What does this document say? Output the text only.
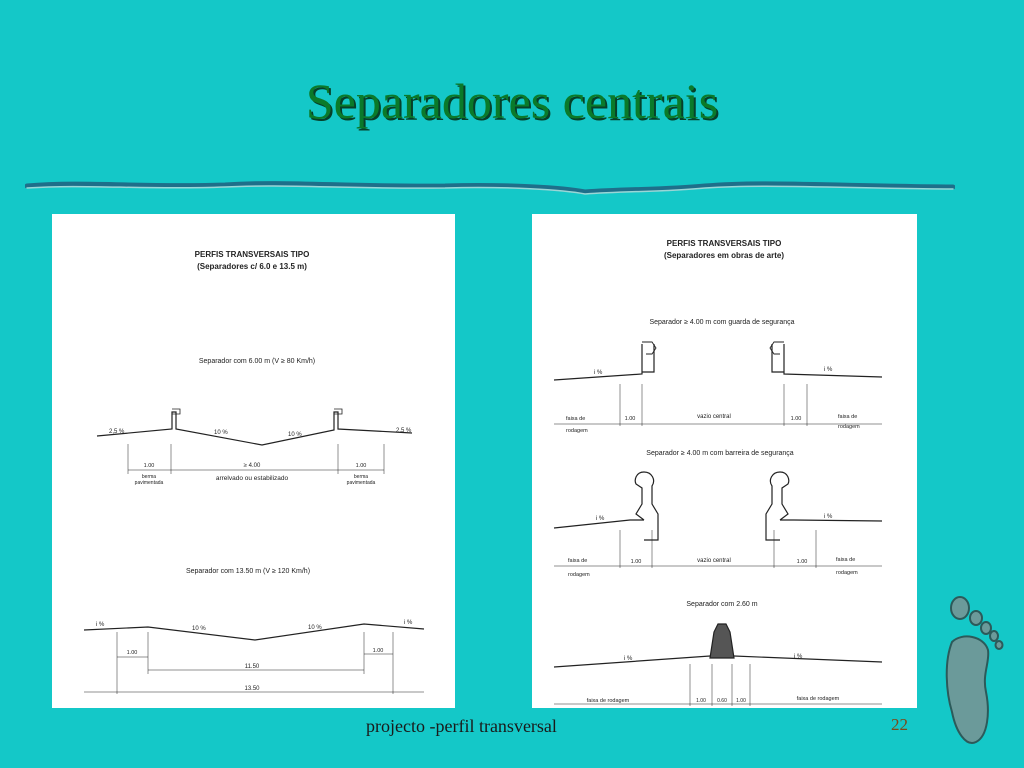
Separadores centrais
PERFIS TRANSVERSAIS TIPO
(Separadores c/ 6.0 e 13.5 m)
Separador com 6.00 m (V ≥ 80 Km/h)
2,5 %	10 %	10 %
2,5 %
1.00	≥ 4.00	1.00
berma
pavimentada
arrelvado ou estabilizado	berma
pavimentada
Separador com 13.50 m (V ≥ 120 Km/h)
i %
10 %	10 %
i %
1.00	1.00
11.50
13.50
PERFIS TRANSVERSAIS TIPO
(Separadores em obras de arte)
Separador ≥ 4.00 m com guarda de segurança
i %	i %
faixa de
rodagem
1.00	vazio central	1.00	faixa de
rodagem
Separador ≥ 4.00 m com barreira de segurança
i %	i %
faixa de
rodagem
1.00	vazio central	1.00	faixa de
rodagem
Separador com 2.60 m
i %	i %
faixa de rodagem	1.00 0.60 1.00	faixa de rodagem
projecto -perfil transversal	22
